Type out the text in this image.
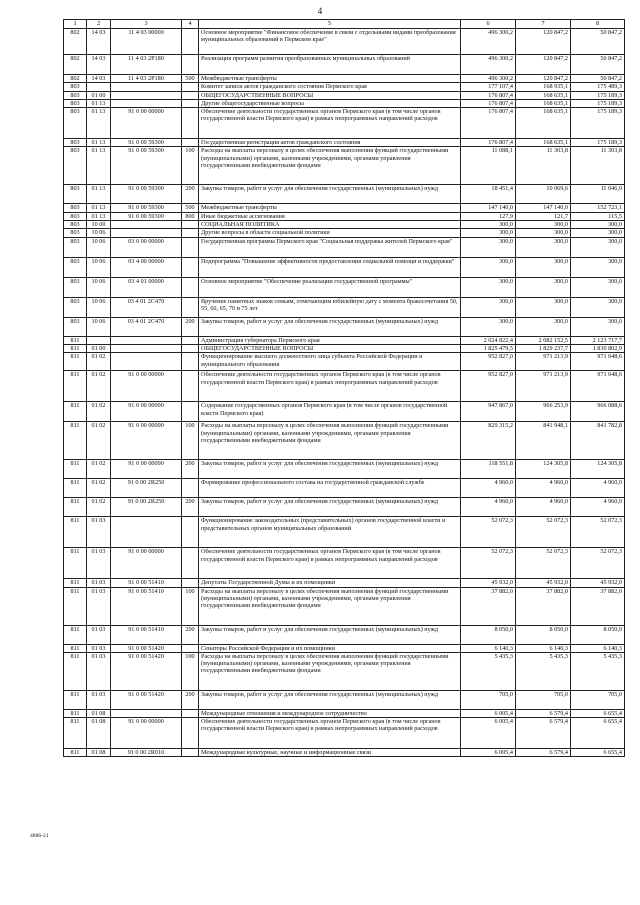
4
1	2	3	4	5	6	7	8
802	14 03	11 4 03 00000		Основное мероприятие "Финансовое обеспечение в связи с отдельными видами преобразования муниципальных образований в Пермском крае"	496 300,2	120 847,2	50 847,2
802	14 03	11 4 03 2P180		Реализация программ развития преобразованных муниципальных образований	496 300,2	120 847,2	50 847,2
802	14 03	11 4 03 2P180	500	Межбюджетные трансферты	496 300,2	120 847,2	50 847,2
803				Комитет записи актов гражданского состояния Пермского края	177 107,4	168 935,1	175 489,3
803	01 00			ОБЩЕГОСУДАРСТВЕННЫЕ ВОПРОСЫ	176 807,4	168 635,1	175 189,3
803	01 13			Другие общегосударственные вопросы	176 807,4	168 635,1	175 189,3
803	01 13	91 0 00 00000		Обеспечение деятельности государственных органов Пермского края (в том числе органов государственной власти Пермского края) в рамках непрограммных направлений расходов	176 807,4	168 635,1	175 189,3
803	01 13	91 0 00 59300		Государственная регистрация актов гражданского состояния	176 807,4	168 635,1	175 189,3
803	01 13	91 0 00 59300	100	Расходы на выплаты персоналу в целях обеспечения выполнения функций государственными (муниципальными) органами, казенными учреждениями, органами управления государственными внебюджетными фондами	11 088,1	11 303,8	11 303,8
803	01 13	91 0 00 59300	200	Закупка товаров, работ и услуг для обеспечения государственных (муниципальных) нужд	18 451,4	10 069,6	11 046,9
803	01 13	91 0 00 59300	500	Межбюджетные трансферты	147 140,0	147 140,0	152 723,1
803	01 13	91 0 00 59300	800	Иные бюджетные ассигнования	127,9	121,7	115,5
803	10 00			СОЦИАЛЬНАЯ ПОЛИТИКА	300,0	300,0	300,0
803	10 06			Другие вопросы в области социальной политики	300,0	300,0	300,0
803	10 06	03 0 00 00000		Государственная программа Пермского края "Социальная поддержка жителей Пермского края"	300,0	300,0	300,0
803	10 06	03 4 00 00000		Подпрограмма "Повышение эффективности предоставления социальной помощи и поддержки"	300,0	300,0	300,0
803	10 06	03 4 01 00000		Основное мероприятие "Обеспечение реализации государственной программы"	300,0	300,0	300,0
803	10 06	03 4 01 2C470		Вручение памятных знаков семьям, отмечающим юбилейную дату с момента бракосочетания 50, 55, 60, 65, 70 и 75 лет	300,0	300,0	300,0
803	10 06	03 4 01 2C470	200	Закупка товаров, работ и услуг для обеспечения государственных (муниципальных) нужд	300,0	300,0	300,0
811				Администрация губернатора Пермского края	2 024 822,4	2 082 152,5	2 123 717,7
811	01 00			ОБЩЕГОСУДАРСТВЕННЫЕ ВОПРОСЫ	1 825 479,5	1 829 237,7	1 830 802,9
811	01 02			Функционирование высшего должностного лица субъекта Российской Федерации и муниципального образования	952 827,0	971 213,9	971 048,6
811	01 02	91 0 00 00000		Обеспечение деятельности государственных органов Пермского края (в том числе органов государственной власти Пермского края) в рамках непрограммных направлений расходов	952 827,0	971 213,9	971 048,6
811	01 02	91 0 00 00090		Содержание государственных органов Пермского края (в том числе органов государственной власти Пермского края)	947 867,0	966 253,9	966 088,6
811	01 02	91 0 00 00090	100	Расходы на выплаты персоналу в целях обеспечения выполнения функций государственными (муниципальными) органами, казенными учреждениями, органами управления государственными внебюджетными фондами	829 315,2	841 948,1	841 782,8
811	01 02	91 0 00 00090	200	Закупка товаров, работ и услуг для обеспечения государственных (муниципальных) нужд	118 551,8	124 305,8	124 305,8
811	01 02	91 0 00 2R250		Формирование профессионального состава на государственной гражданской службе	4 960,0	4 960,0	4 960,0
811	01 02	91 0 00 2R250	200	Закупка товаров, работ и услуг для обеспечения государственных (муниципальных) нужд	4 960,0	4 960,0	4 960,0
811	01 03			Функционирование законодательных (представительных) органов государственной власти и представительных органов муниципальных образований	52 072,3	52 072,3	52 072,3
811	01 03	91 0 00 00000		Обеспечение деятельности государственных органов Пермского края (в том числе органов государственной власти Пермского края) в рамках непрограммных направлений расходов	52 072,3	52 072,3	52 072,3
811	01 03	91 0 00 51410		Депутаты Государственной Думы и их помощники	45 932,0	45 932,0	45 932,0
811	01 03	91 0 00 51410	100	Расходы на выплаты персоналу в целях обеспечения выполнения функций государственными (муниципальными) органами, казенными учреждениями, органами управления государственными внебюджетными фондами	37 882,0	37 882,0	37 882,0
811	01 03	91 0 00 51410	200	Закупка товаров, работ и услуг для обеспечения государственных (муниципальных) нужд	8 050,0	8 050,0	8 050,0
811	01 03	91 0 00 51420		Сенаторы Российской Федерации и их помощники	6 140,3	6 140,3	6 140,3
811	01 03	91 0 00 51420	100	Расходы на выплаты персоналу в целях обеспечения выполнения функций государственными (муниципальными) органами, казенными учреждениями, органами управления государственными внебюджетными фондами	5 435,3	5 435,3	5 435,3
811	01 03	91 0 00 51420	200	Закупка товаров, работ и услуг для обеспечения государственных (муниципальных) нужд	705,0	705,0	705,0
811	01 08			Международные отношения и международное сотрудничество	6 005,4	6 579,4	6 655,4
811	01 08	91 0 00 00000		Обеспечение деятельности государственных органов Пермского края (в том числе органов государственной власти Пермского края) в рамках непрограммных направлений расходов	6 005,4	6 579,4	6 655,4
811	01 08	91 0 00 2R010		Международные культурные, научные и информационные связи	6 005,4	6 579,4	6 655,4
4886-21
